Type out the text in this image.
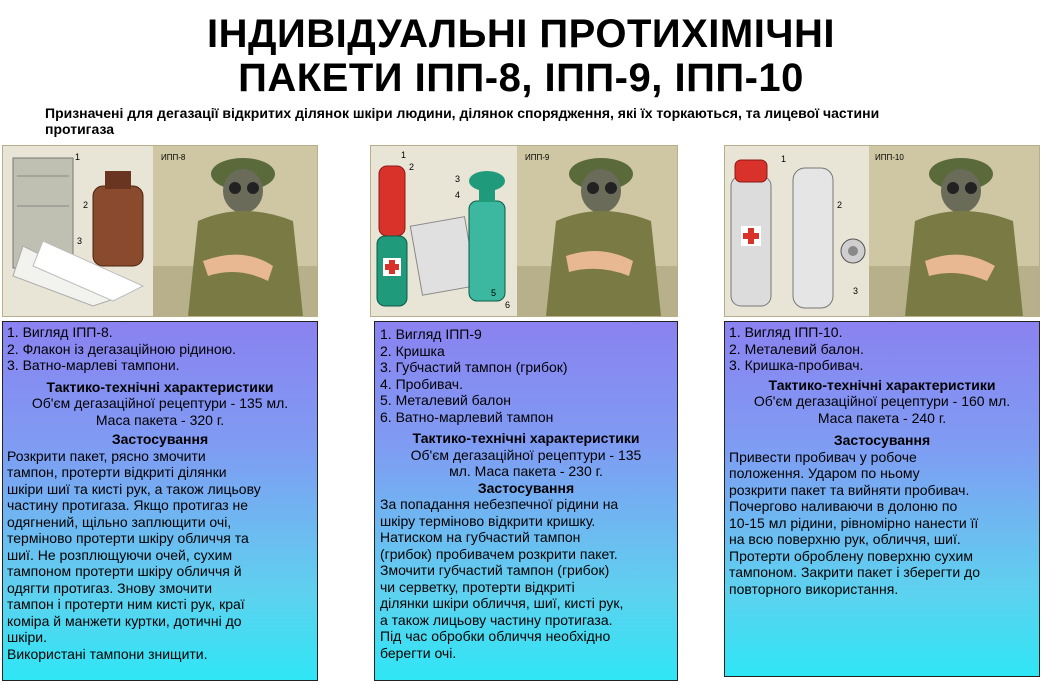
ІНДИВІДУАЛЬНІ ПРОТИХІМІЧНІ
ПАКЕТИ ІПП-8, ІПП-9, ІПП-10
Призначені для дегазації відкритих ділянок шкіри людини, ділянок спорядження, які їх торкаються, та лицевої частини
протигаза
1
2
3
ИПП-8	1
2
3
4
5
6
ИПП-9	1
2
3
ИПП-10
1. Вигляд ІПП-8.
2. Флакон із дегазаційною рідиною.
3. Ватно-марлеві тампони.
Тактико-технічні характеристики
Об'єм дегазаційної рецептури - 135 мл.
Маса пакета - 320 г.
Застосування
Розкрити пакет, рясно змочити
тампон, протерти відкриті ділянки
шкіри шиї та кисті рук, а також лицьову
частину протигаза. Якщо протигаз не
одягнений, щільно заплющити очі,
терміново протерти шкіру обличчя та
шиї. Не розплющуючи очей, сухим
тампоном протерти шкіру обличчя й
одягти протигаз. Знову змочити
тампон і протерти ним кисті рук, краї
коміра й манжети куртки, дотичні до
шкіри.
Використані тампони знищити.
1. Вигляд ІПП-9
2. Кришка
3. Губчастий тампон (грибок)
4. Пробивач.
5. Металевий балон
6. Ватно-марлевий тампон
Тактико-технічні характеристики
Об'єм дегазаційної рецептури - 135
мл. Маса пакета - 230 г.
Застосування
За попадання небезпечної рідини на
шкіру терміново відкрити кришку.
Натиском на губчастий тампон
(грибок) пробивачем розкрити пакет.
Змочити губчастий тампон (грибок)
чи серветку, протерти відкриті
ділянки шкіри обличчя, шиї, кисті рук,
а також лицьову частину протигаза.
Під час обробки обличчя необхідно
берегти очі.
1. Вигляд ІПП-10.
2. Металевий балон.
3. Кришка-пробивач.
Тактико-технічні характеристики
Об'єм дегазаційної рецептури - 160 мл.
Маса пакета - 240 г.
Застосування
Привести пробивач у робоче
положення. Ударом по ньому
розкрити пакет та вийняти пробивач.
Почергово наливаючи в долоню по
10-15 мл рідини, рівномірно нанести її
на всю поверхню рук, обличчя, шиї.
Протерти оброблену поверхню сухим
тампоном. Закрити пакет і зберегти до
повторного використання.
